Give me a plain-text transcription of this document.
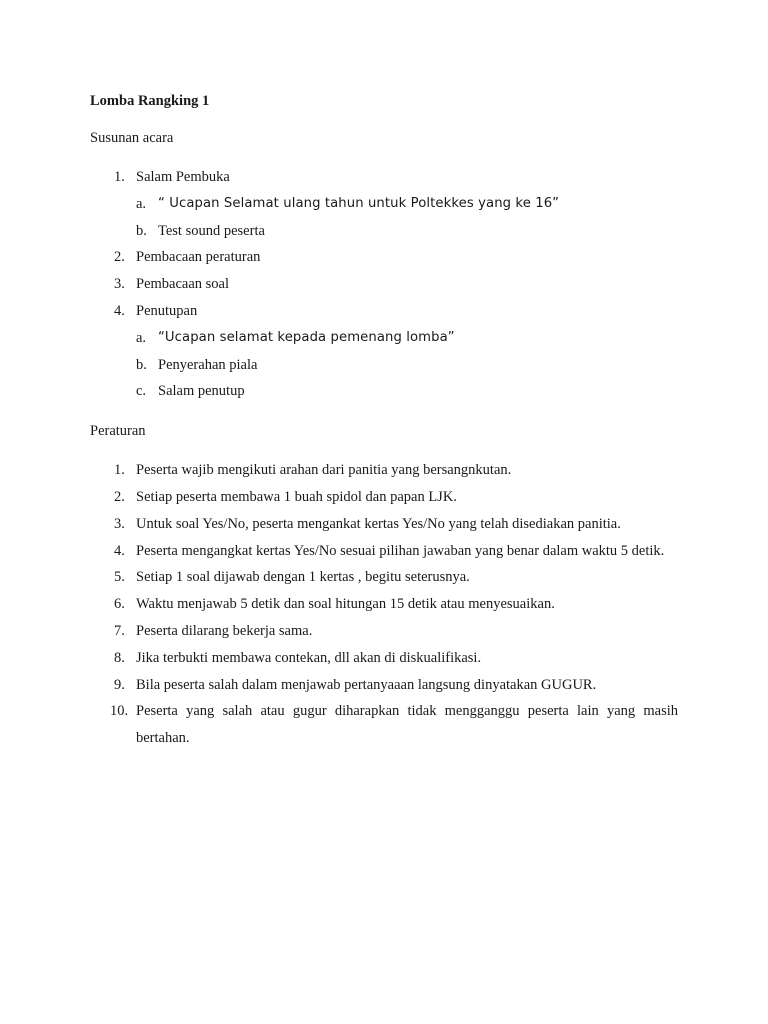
Lomba Rangking 1

Susunan acara

1. Salam Pembuka
a. “ Ucapan Selamat ulang tahun untuk Poltekkes yang ke 16”
b. Test sound peserta
2. Pembacaan peraturan
3. Pembacaan soal
4. Penutupan
a. “Ucapan selamat kepada pemenang lomba”
b. Penyerahan piala
c. Salam penutup

Peraturan

1. Peserta wajib mengikuti arahan dari panitia yang bersangnkutan.
2. Setiap peserta membawa 1 buah spidol dan papan LJK.
3. Untuk soal Yes/No, peserta mengankat kertas Yes/No yang telah disediakan panitia.
4. Peserta mengangkat kertas Yes/No sesuai pilihan jawaban yang benar dalam waktu 5 detik.
5. Setiap 1 soal dijawab dengan 1 kertas , begitu seterusnya.
6. Waktu menjawab 5 detik dan soal hitungan 15 detik atau menyesuaikan.
7. Peserta dilarang bekerja sama.
8. Jika terbukti membawa contekan, dll akan di diskualifikasi.
9. Bila peserta salah dalam menjawab pertanyaaan langsung dinyatakan GUGUR.
10. Peserta yang salah atau gugur diharapkan tidak mengganggu peserta lain yang masih bertahan.
